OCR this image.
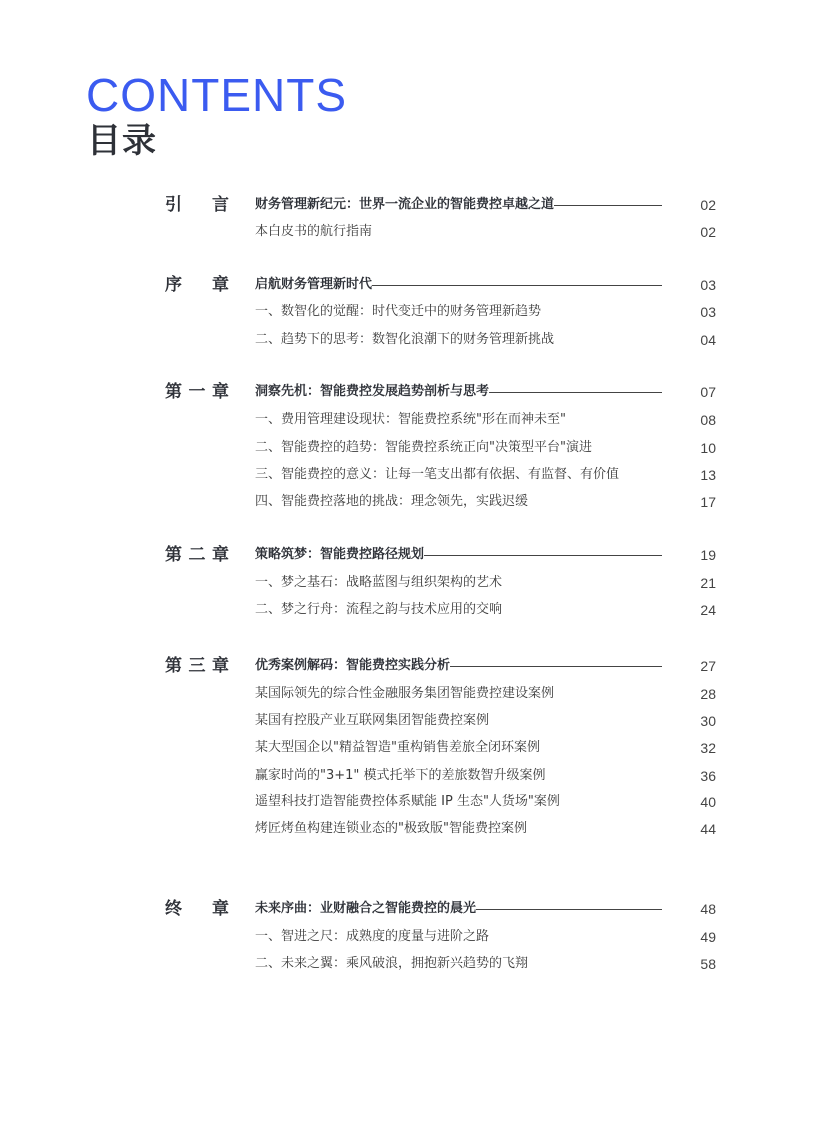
CONTENTS
目录
引 言 财务管理新纪元：世界一流企业的智能费控卓越之道	02
本白皮书的航行指南	02
序 章 启航财务管理新时代	03
一、数智化的觉醒：时代变迁中的财务管理新趋势	03
二、趋势下的思考：数智化浪潮下的财务管理新挑战	04
第 一 章 洞察先机：智能费控发展趋势剖析与思考	07
一、费用管理建设现状：智能费控系统"形在而神未至"	08
二、智能费控的趋势：智能费控系统正向"决策型平台"演进	10
三、智能费控的意义：让每一笔支出都有依据、有监督、有价值	13
四、智能费控落地的挑战：理念领先，实践迟缓	17
第 二 章 策略筑梦：智能费控路径规划	19
一、梦之基石：战略蓝图与组织架构的艺术	21
二、梦之行舟：流程之韵与技术应用的交响	24
第 三 章 优秀案例解码：智能费控实践分析	27
某国际领先的综合性金融服务集团智能费控建设案例	28
某国有控股产业互联网集团智能费控案例	30
某大型国企以"精益智造"重构销售差旅全闭环案例	32
赢家时尚的"3+1" 模式托举下的差旅数智升级案例	36
遥望科技打造智能费控体系赋能 IP 生态"人货场"案例	40
烤匠烤鱼构建连锁业态的"极致版"智能费控案例	44
终 章 未来序曲：业财融合之智能费控的晨光	48
一、智进之尺：成熟度的度量与进阶之路	49
二、未来之翼：乘风破浪，拥抱新兴趋势的飞翔	58
